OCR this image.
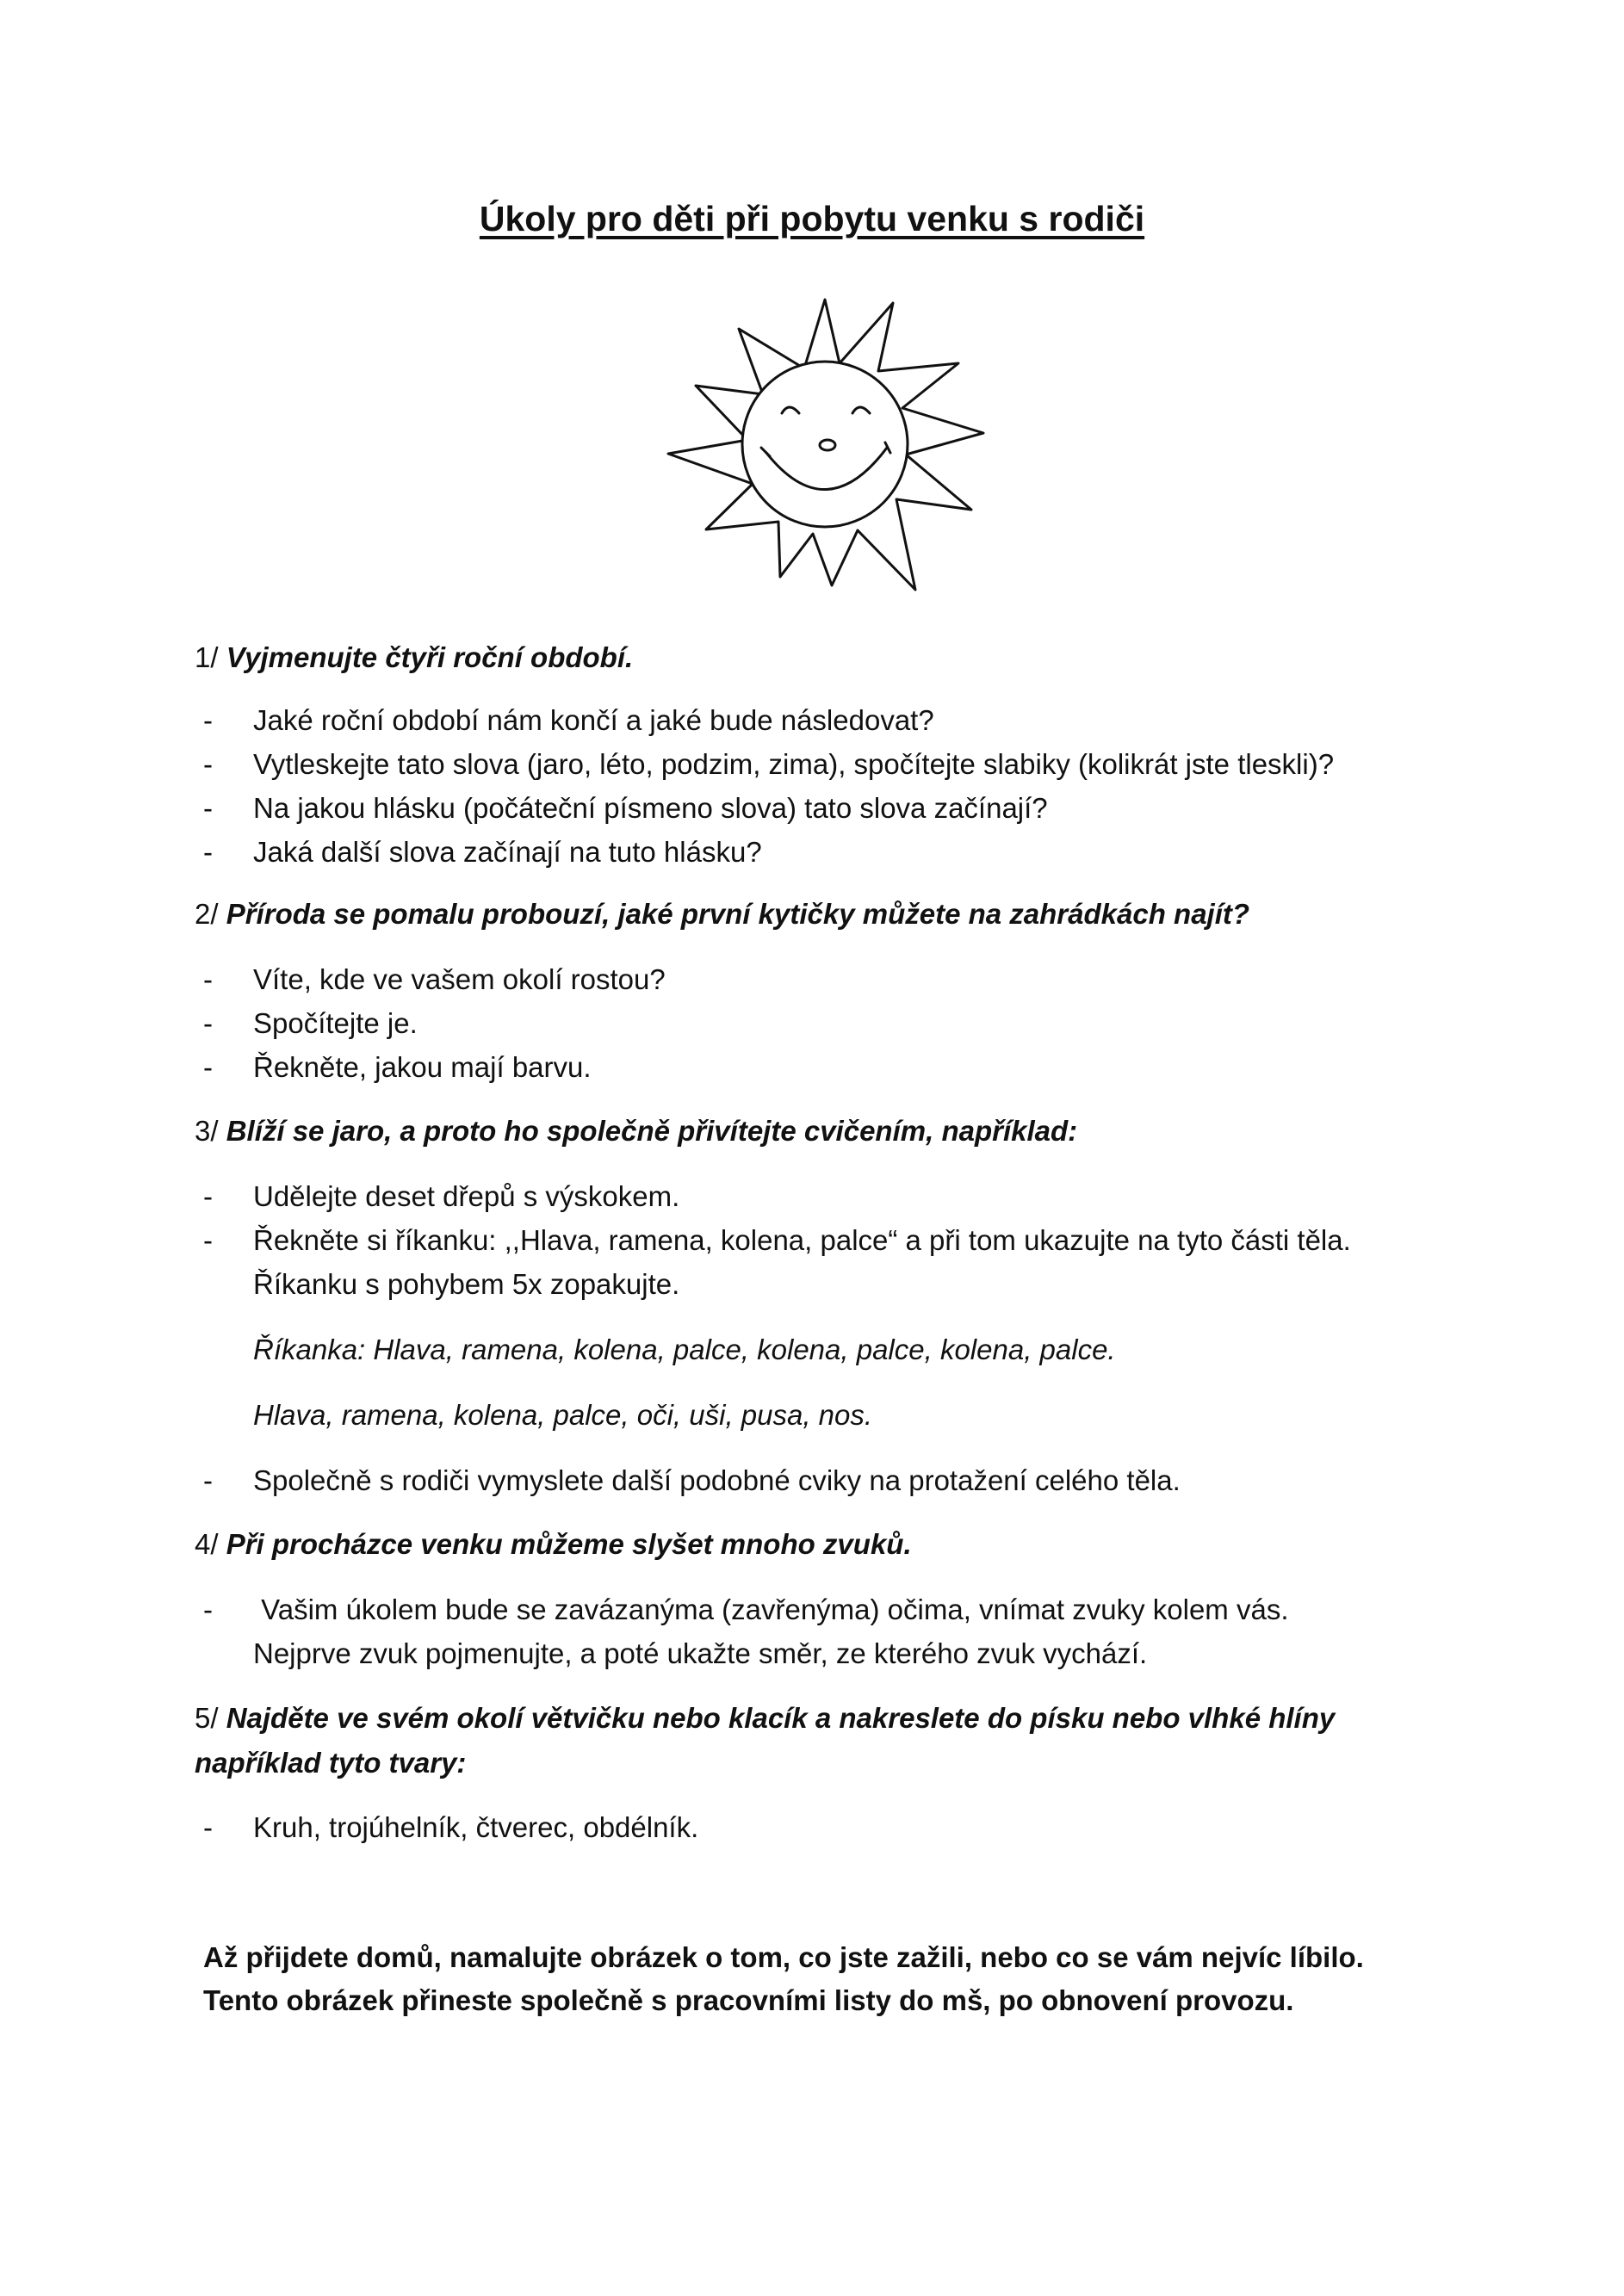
Úkoly pro děti při pobytu venku s rodiči
1/ Vyjmenujte čtyři roční období.
- Jaké roční období nám končí a jaké bude následovat?
- Vytleskejte tato slova (jaro, léto, podzim, zima), spočítejte slabiky (kolikrát jste tleskli)?
- Na jakou hlásku (počáteční písmeno slova) tato slova začínají?
- Jaká další slova začínají na tuto hlásku?
2/ Příroda se pomalu probouzí, jaké první kytičky můžete na zahrádkách najít?
- Víte, kde ve vašem okolí rostou?
- Spočítejte je.
- Řekněte, jakou mají barvu.
3/ Blíží se jaro, a proto ho společně přivítejte cvičením, například:
- Udělejte deset dřepů s výskokem.
- Řekněte si říkanku: ,,Hlava, ramena, kolena, palce“ a při tom ukazujte na tyto části těla.
Říkanku s pohybem 5x zopakujte.
Říkanka: Hlava, ramena, kolena, palce, kolena, palce, kolena, palce.
Hlava, ramena, kolena, palce, oči, uši, pusa, nos.
- Společně s rodiči vymyslete další podobné cviky na protažení celého těla.
4/ Při procházce venku můžeme slyšet mnoho zvuků.
- Vašim úkolem bude se zavázanýma (zavřenýma) očima, vnímat zvuky kolem vás.
Nejprve zvuk pojmenujte, a poté ukažte směr, ze kterého zvuk vychází.
5/ Najděte ve svém okolí větvičku nebo klacík a nakreslete do písku nebo vlhké hlíny například tyto tvary:
- Kruh, trojúhelník, čtverec, obdélník.
Až přijdete domů, namalujte obrázek o tom, co jste zažili, nebo co se vám nejvíc líbilo.
Tento obrázek přineste společně s pracovními listy do mš, po obnovení provozu.
